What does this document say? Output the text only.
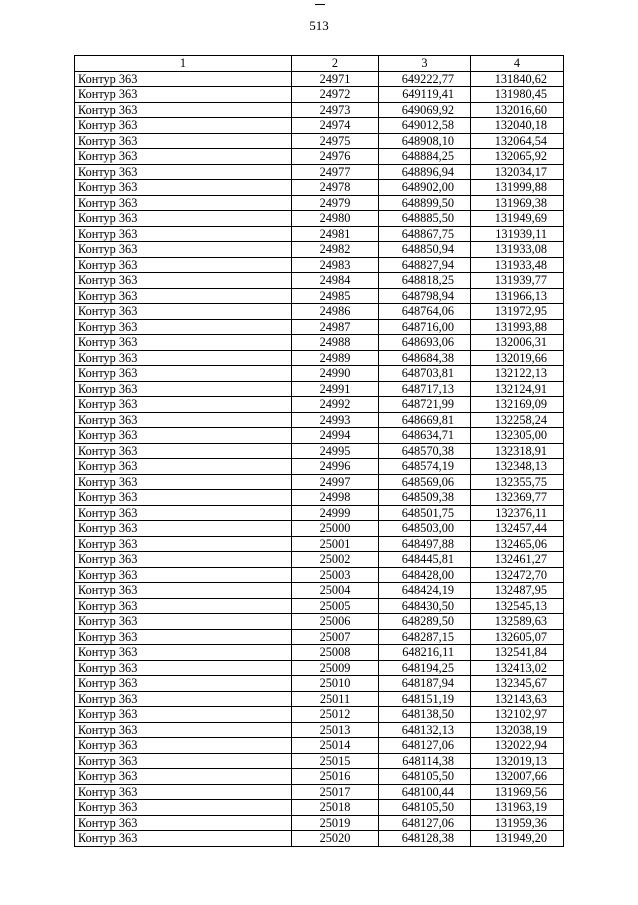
513
1	2	3	4
Контур 363	24971	649222,77	131840,62
Контур 363	24972	649119,41	131980,45
Контур 363	24973	649069,92	132016,60
Контур 363	24974	649012,58	132040,18
Контур 363	24975	648908,10	132064,54
Контур 363	24976	648884,25	132065,92
Контур 363	24977	648896,94	132034,17
Контур 363	24978	648902,00	131999,88
Контур 363	24979	648899,50	131969,38
Контур 363	24980	648885,50	131949,69
Контур 363	24981	648867,75	131939,11
Контур 363	24982	648850,94	131933,08
Контур 363	24983	648827,94	131933,48
Контур 363	24984	648818,25	131939,77
Контур 363	24985	648798,94	131966,13
Контур 363	24986	648764,06	131972,95
Контур 363	24987	648716,00	131993,88
Контур 363	24988	648693,06	132006,31
Контур 363	24989	648684,38	132019,66
Контур 363	24990	648703,81	132122,13
Контур 363	24991	648717,13	132124,91
Контур 363	24992	648721,99	132169,09
Контур 363	24993	648669,81	132258,24
Контур 363	24994	648634,71	132305,00
Контур 363	24995	648570,38	132318,91
Контур 363	24996	648574,19	132348,13
Контур 363	24997	648569,06	132355,75
Контур 363	24998	648509,38	132369,77
Контур 363	24999	648501,75	132376,11
Контур 363	25000	648503,00	132457,44
Контур 363	25001	648497,88	132465,06
Контур 363	25002	648445,81	132461,27
Контур 363	25003	648428,00	132472,70
Контур 363	25004	648424,19	132487,95
Контур 363	25005	648430,50	132545,13
Контур 363	25006	648289,50	132589,63
Контур 363	25007	648287,15	132605,07
Контур 363	25008	648216,11	132541,84
Контур 363	25009	648194,25	132413,02
Контур 363	25010	648187,94	132345,67
Контур 363	25011	648151,19	132143,63
Контур 363	25012	648138,50	132102,97
Контур 363	25013	648132,13	132038,19
Контур 363	25014	648127,06	132022,94
Контур 363	25015	648114,38	132019,13
Контур 363	25016	648105,50	132007,66
Контур 363	25017	648100,44	131969,56
Контур 363	25018	648105,50	131963,19
Контур 363	25019	648127,06	131959,36
Контур 363	25020	648128,38	131949,20
